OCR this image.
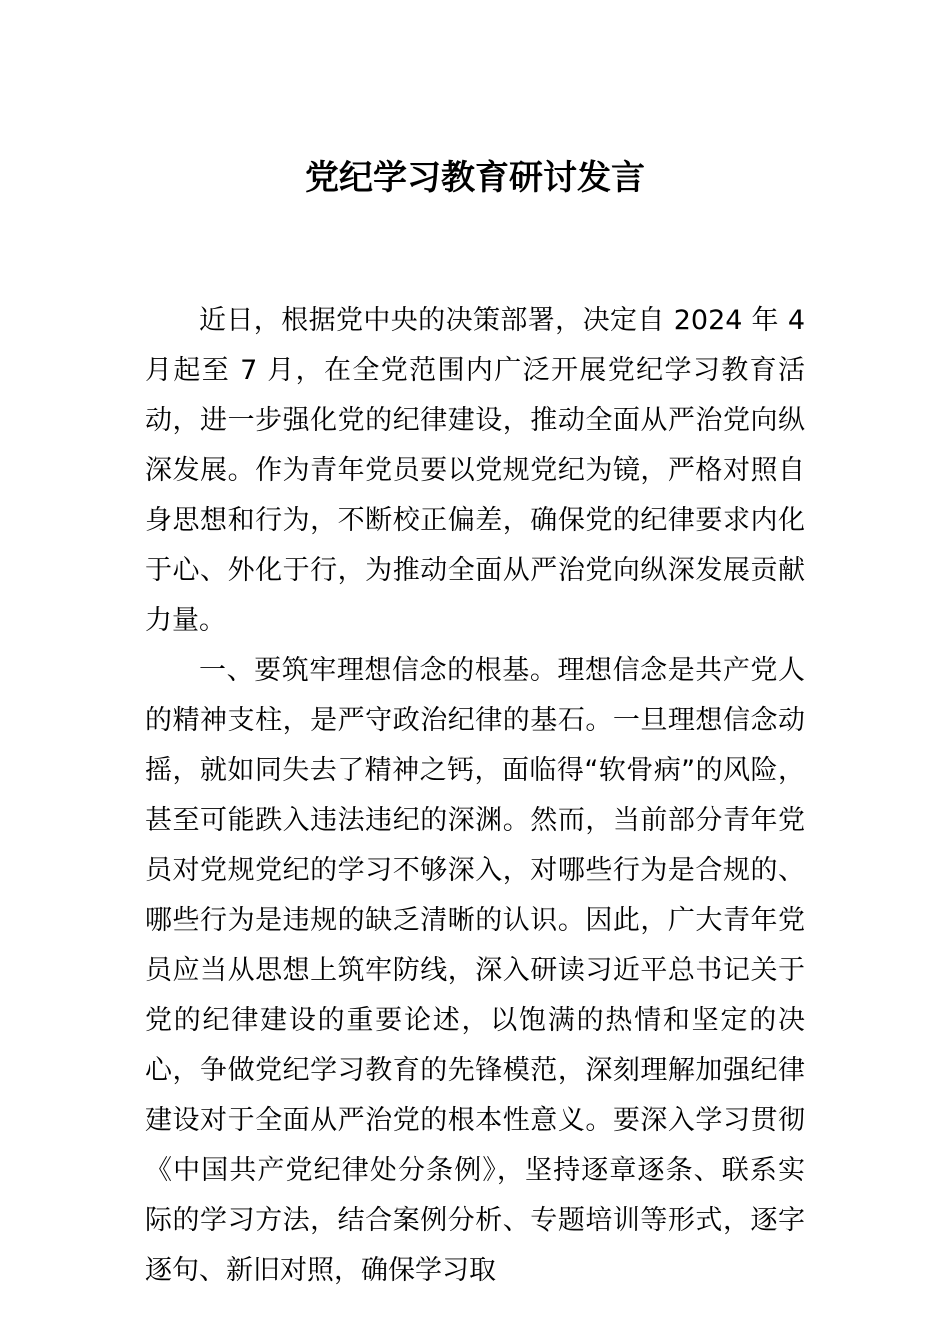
党纪学习教育研讨发言

近日，根据党中央的决策部署，决定自 2024 年 4 月起至 7 月，在全党范围内广泛开展党纪学习教育活动，进一步强化党的纪律建设，推动全面从严治党向纵深发展。作为青年党员要以党规党纪为镜，严格对照自身思想和行为，不断校正偏差，确保党的纪律要求内化于心、外化于行，为推动全面从严治党向纵深发展贡献力量。

一、要筑牢理想信念的根基。理想信念是共产党人的精神支柱，是严守政治纪律的基石。一旦理想信念动摇，就如同失去了精神之钙，面临得“软骨病”的风险，甚至可能跌入违法违纪的深渊。然而，当前部分青年党员对党规党纪的学习不够深入，对哪些行为是合规的、哪些行为是违规的缺乏清晰的认识。因此，广大青年党员应当从思想上筑牢防线，深入研读习近平总书记关于党的纪律建设的重要论述，以饱满的热情和坚定的决心，争做党纪学习教育的先锋模范，深刻理解加强纪律建设对于全面从严治党的根本性意义。要深入学习贯彻《中国共产党纪律处分条例》，坚持逐章逐条、联系实际的学习方法，结合案例分析、专题培训等形式，逐字逐句、新旧对照，确保学习取
